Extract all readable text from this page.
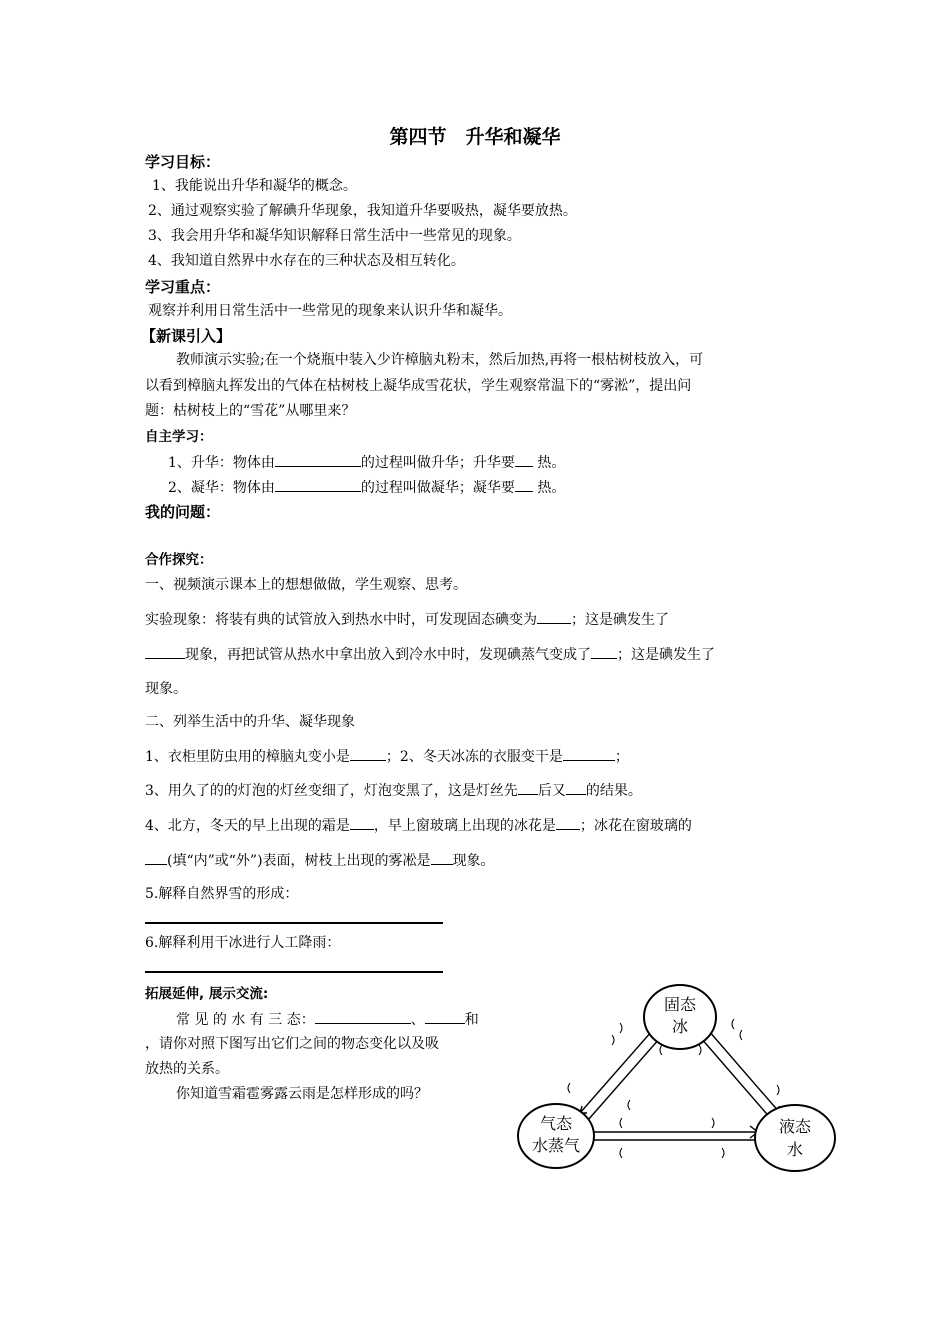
第四节　升华和凝华
学习目标：
1、我能说出升华和凝华的概念。
2、通过观察实验了解碘升华现象，我知道升华要吸热，凝华要放热。
3、我会用升华和凝华知识解释日常生活中一些常见的现象。
4、我知道自然界中水存在的三种状态及相互转化。
学习重点：
观察并利用日常生活中一些常见的现象来认识升华和凝华。
【新课引入】
教师演示实验;在一个烧瓶中装入少许樟脑丸粉末，然后加热,再将一根枯树枝放入，可
以看到樟脑丸挥发出的气体在枯树枝上凝华成雪花状，学生观察常温下的“雾淞”，提出问
题：枯树枝上的“雪花”从哪里来？
自主学习：
1、升华：物体由	的过程叫做升华；升华要 热。
2、凝华：物体由	的过程叫做凝华；凝华要 热。
我的问题：
合作探究：
一、视频演示课本上的想想做做，学生观察、思考。
实验现象：将装有典的试管放入到热水中时，可发现固态碘变为 ；这是碘发生了
现象，再把试管从热水中拿出放入到冷水中时，发现碘蒸气变成了 ；这是碘发生了
现象。
二、列举生活中的升华、凝华现象
1、衣柜里防虫用的樟脑丸变小是	；2、冬天冰冻的衣服变干是	；
3、用久了的的灯泡的灯丝变细了，灯泡变黑了，这是灯丝先 后又 的结果。
4、北方，冬天的早上出现的霜是 ，早上窗玻璃上出现的冰花是 ；冰花在窗玻璃的
(填“内”或“外”)表面，树枝上出现的雾凇是 现象。
5.解释自然界雪的形成：
6.解释利用干冰进行人工降雨：
拓展延伸, 展示交流:
常 见 的 水 有 三 态：	、	和
，请你对照下图写出它们之间的物态变化以及吸
放热的关系。
你知道雪霜雹雾露云雨是怎样形成的吗？
固态
冰
气态
水蒸气
液态
水
